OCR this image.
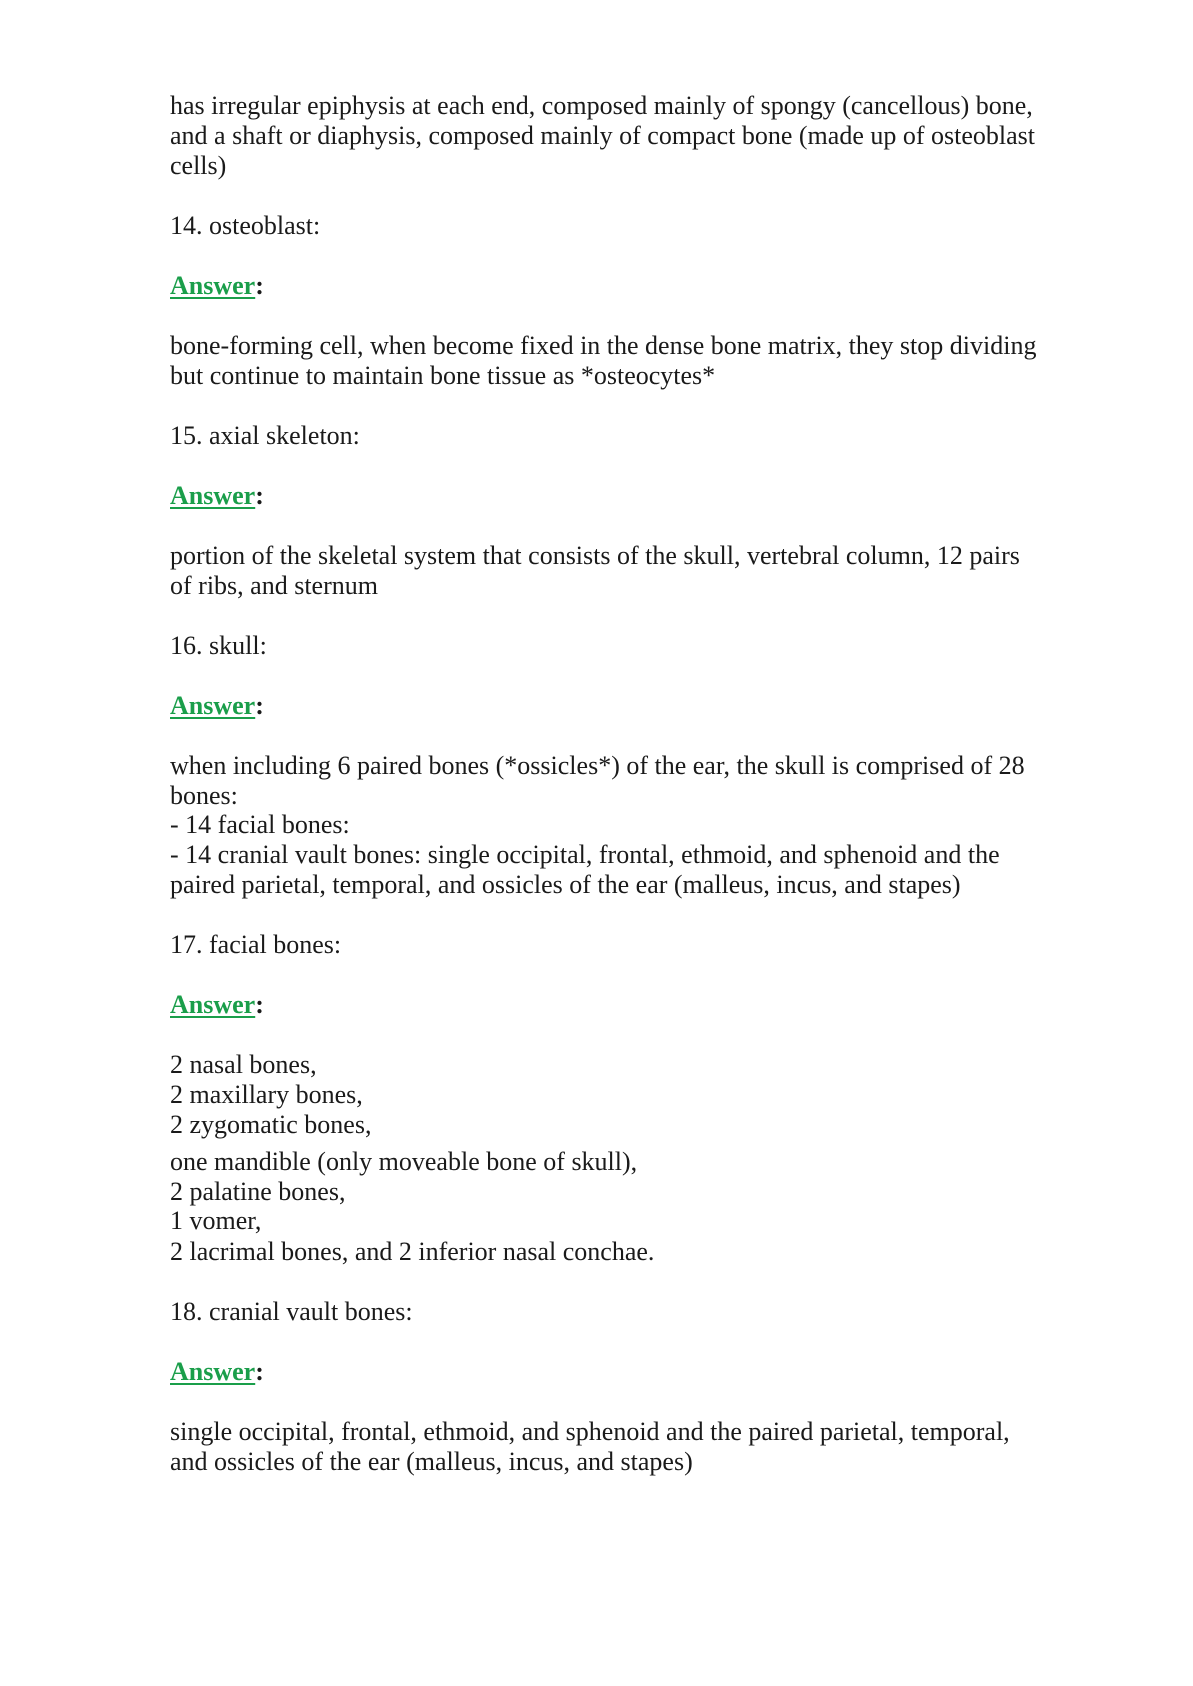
has irregular epiphysis at each end, composed mainly of spongy (cancellous) bone,
and a shaft or diaphysis, composed mainly of compact bone (made up of osteoblast
cells)
14. osteoblast:
Answer:
bone-forming cell, when become fixed in the dense bone matrix, they stop dividing
but continue to maintain bone tissue as *osteocytes*
15. axial skeleton:
Answer:
portion of the skeletal system that consists of the skull, vertebral column, 12 pairs
of ribs, and sternum
16. skull:
Answer:
when including 6 paired bones (*ossicles*) of the ear, the skull is comprised of 28
bones:
- 14 facial bones:
- 14 cranial vault bones: single occipital, frontal, ethmoid, and sphenoid and the
paired parietal, temporal, and ossicles of the ear (malleus, incus, and stapes)
17. facial bones:
Answer:
2 nasal bones,
2 maxillary bones,
2 zygomatic bones,
one mandible (only moveable bone of skull),
2 palatine bones,
1 vomer,
2 lacrimal bones, and 2 inferior nasal conchae.
18. cranial vault bones:
Answer:
single occipital, frontal, ethmoid, and sphenoid and the paired parietal, temporal,
and ossicles of the ear (malleus, incus, and stapes)
